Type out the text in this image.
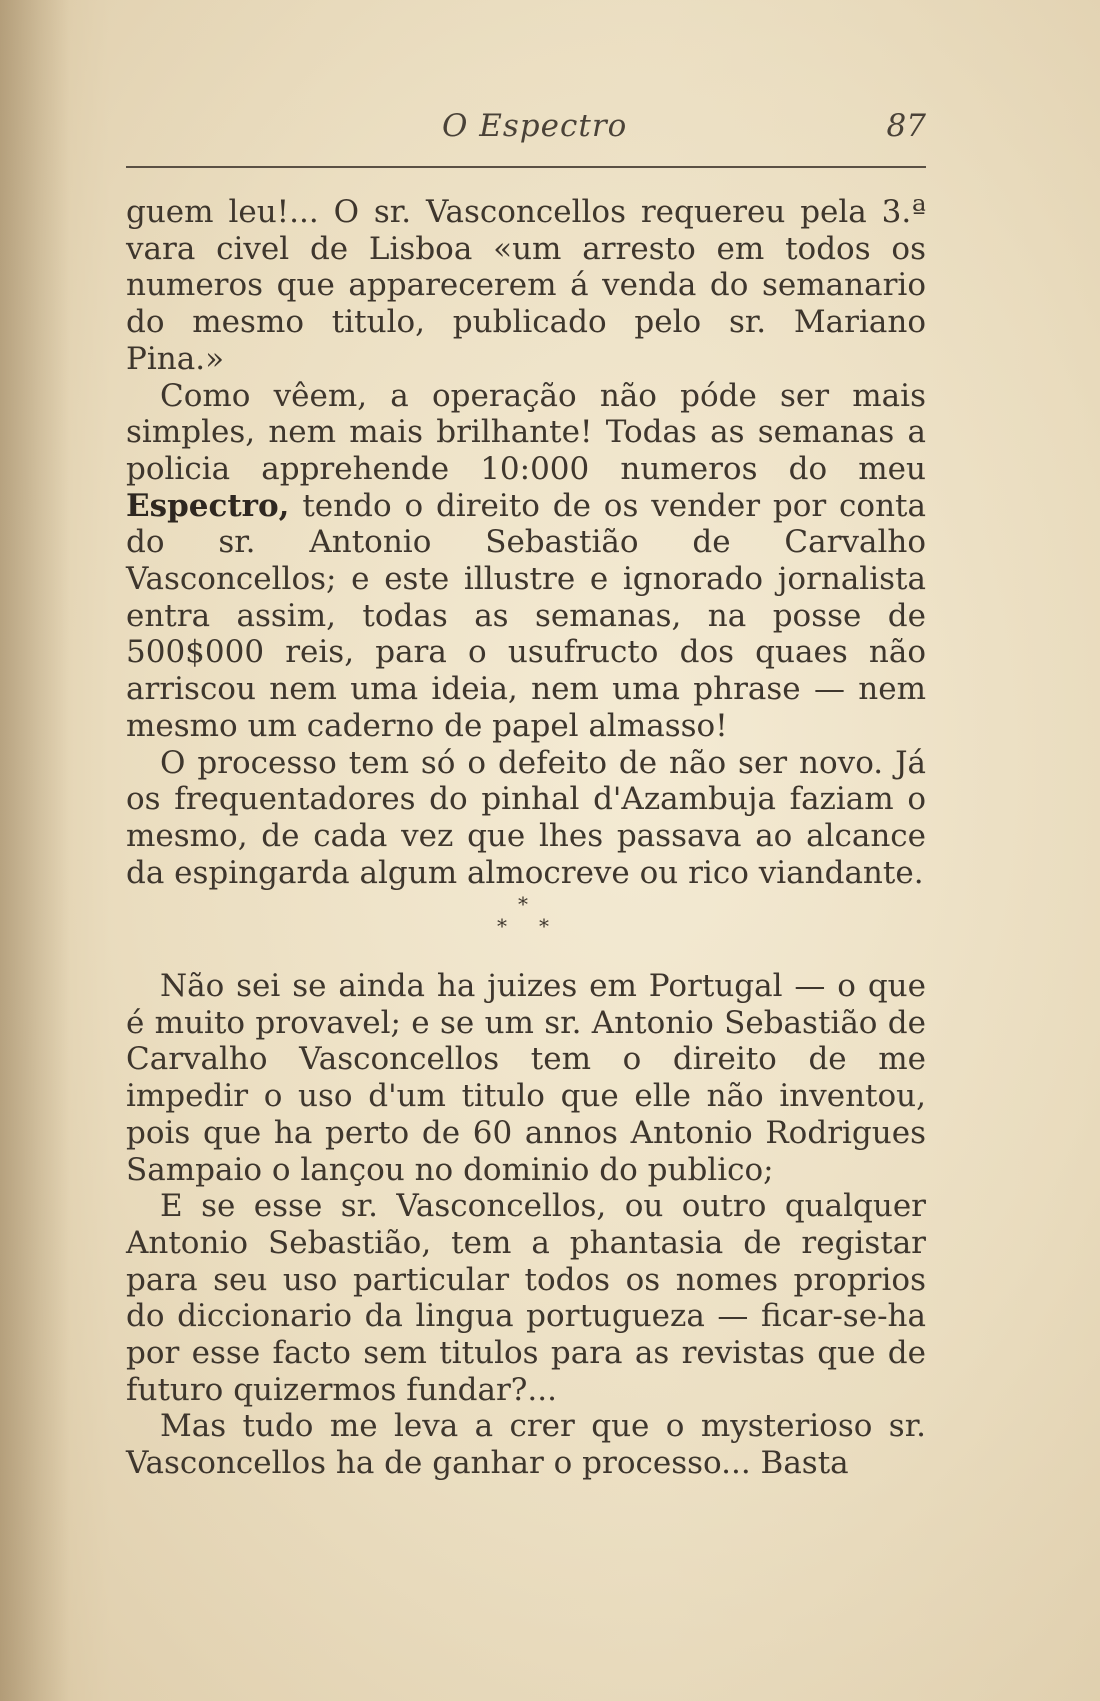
O Espectro	87

guem leu!... O sr. Vasconcellos requereu pela 3.ª vara civel de Lisboa «um arresto em todos os numeros que apparecerem á venda do semanario do mesmo titulo, publicado pelo sr. Mariano Pina.»

Como vêem, a operação não póde ser mais simples, nem mais brilhante! Todas as semanas a policia apprehende 10:000 numeros do meu Espectro, tendo o direito de os vender por conta do sr. Antonio Sebastião de Carvalho Vasconcellos; e este illustre e ignorado jornalista entra assim, todas as semanas, na posse de 500$000 reis, para o usufructo dos quaes não arriscou nem uma ideia, nem uma phrase — nem mesmo um caderno de papel almasso!

O processo tem só o defeito de não ser novo. Já os frequentadores do pinhal d'Azambuja faziam o mesmo, de cada vez que lhes passava ao alcance da espingarda algum almocreve ou rico viandante.

*
* *

Não sei se ainda ha juizes em Portugal — o que é muito provavel; e se um sr. Antonio Sebastião de Carvalho Vasconcellos tem o direito de me impedir o uso d'um titulo que elle não inventou, pois que ha perto de 60 annos Antonio Rodrigues Sampaio o lançou no dominio do publico;

E se esse sr. Vasconcellos, ou outro qualquer Antonio Sebastião, tem a phantasia de registar para seu uso particular todos os nomes proprios do diccionario da lingua portugueza — ficar-se-ha por esse facto sem titulos para as revistas que de futuro quizermos fundar?...

Mas tudo me leva a crer que o mysterioso sr. Vasconcellos ha de ganhar o processo... Basta
